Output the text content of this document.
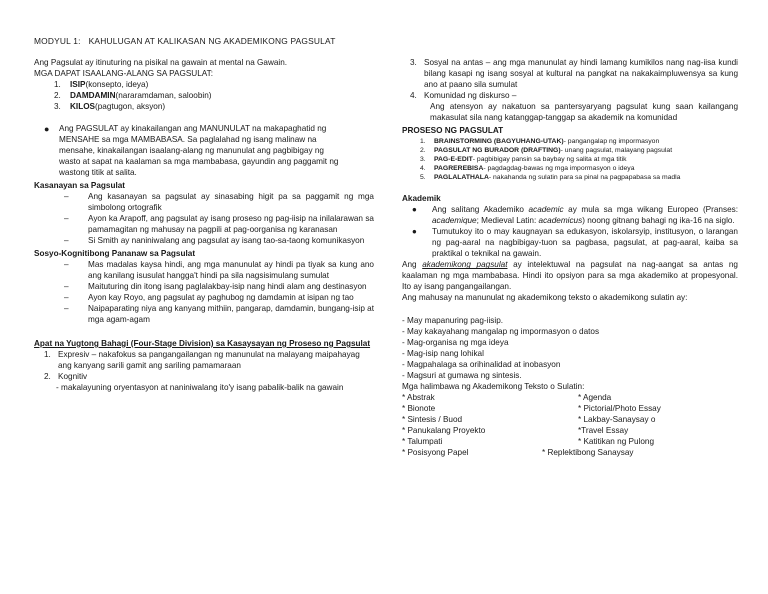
MODYUL 1: KAHULUGAN AT KALIKASAN NG AKADEMIKONG PAGSULAT

Ang Pagsulat ay itinuturing na pisikal na gawain at mental na Gawain.

MGA DAPAT ISAALANG-ALANG SA PAGSULAT:

1.	ISIP (konsepto, ideya)
2.	DAMDAMIN (nararamdaman, saloobin)
3.	KILOS (pagtugon, aksyon)
●	Ang PAGSULAT ay kinakailangan ang MANUNULAT na makapaghatid ng

MENSAHE sa mga MAMBABASA. Sa paglalahad ng isang malinaw na

mensahe, kinakailangan isaalang-alang ng manunulat ang pagbibigay ng

wasto at sapat na kaalaman sa mga mambabasa, gayundin ang paggamit ng

wastong titik at salita.

Kasanayan sa Pagsulat

–	Ang kasanayan sa pagsulat ay sinasabing higit pa sa paggamit ng mga simbolong ortografik
–	Ayon ka Arapoff, ang pagsulat ay isang proseso ng pag-iisip na inilalarawan sa pamamagitan ng mahusay na pagpili at pag-oorganisa ng karanasan
–	Si Smith ay naniniwalang ang pagsulat ay isang tao-sa-taong komunikasyon

Sosyo-Kognitibong Pananaw sa Pagsulat

–	Mas madalas kaysa hindi, ang mga manunulat ay hindi pa tiyak sa kung ano ang kanilang isusulat hangga't hindi pa sila nagsisimulang sumulat
–	Maituturing din itong isang paglalakbay-isip nang hindi alam ang destinasyon
–	Ayon kay Royo, ang pagsulat ay paghubog ng damdamin at isipan ng tao
–	Naipaparating niya ang kanyang mithiin, pangarap, damdamin, bungang-isip at mga agam-agam

Apat na Yugtong Bahagi (Four-Stage Division) sa Kasaysayan ng Proseso ng Pagsulat

1. Expresiv – nakafokus sa pangangailangan ng manunulat na malayang maipahayag ang kanyang sarili gamit ang sariling pamamaraan
2. Kognitiv

- makalayuning oryentasyon at naniniwalang ito'y isang pabalik-balik na gawain

3. Sosyal na antas – ang mga manunulat ay hindi lamang kumikilos nang nag-iisa kundi bilang kasapi ng isang sosyal at kultural na pangkat na nakakaimpluwensya sa kung ano at paano sila sumulat
4. Komunidad ng diskurso –

Ang atensyon ay nakatuon sa pantersyaryang pagsulat kung saan kailangang makasulat sila nang katanggap-tanggap sa akademik na komunidad

PROSESO NG PAGSULAT

1.	BRAINSTORMING (BAGYUHANG-UTAK)- pangangalap ng impormasyon
2.	PAGSULAT NG BURADOR (DRAFTING)- unang pagsulat, malayang pagsulat
3.	PAG-E-EDIT- pagbibigay pansin sa baybay ng salita at mga titik
4.	PAGREREBISA- pagdagdag-bawas ng mga impormasyon o ideya
5.	PAGLALATHALA- nakahanda ng sulatin para sa pinal na pagpapabasa sa madla

Akademik

●	Ang salitang Akademiko academic ay mula sa mga wikang Europeo (Pranses: academique; Medieval Latin: academicus) noong gitnang bahagi ng ika-16 na siglo.
●	Tumutukoy ito o may kaugnayan sa edukasyon, iskolarsyip, institusyon, o larangan ng pag-aaral na nagbibigay-tuon sa pagbasa, pagsulat, at pag-aaral, kaiba sa praktikal o teknikal na gawain.

Ang akademikong pagsulat ay intelektuwal na pagsulat na nag-aangat sa antas ng kaalaman ng mga mambabasa. Hindi ito opsiyon para sa mga akademiko at propesyonal. Ito ay isang pangangailangan.

Ang mahusay na manunulat ng akademikong teksto o akademikong sulatin ay:

- May mapanuring pag-iisip.

- May kakayahang mangalap ng impormasyon o datos

- Mag-organisa ng mga ideya

- Mag-isip nang lohikal

- Magpahalaga sa orihinalidad at inobasyon

- Magsuri at gumawa ng sintesis.

Mga halimbawa ng Akademikong Teksto o Sulatin:

* Abstrak	* Agenda
* Bionote	* Pictorial/Photo Essay
* Sintesis / Buod	* Lakbay-Sanaysay o
* Panukalang Proyekto	*Travel Essay
* Talumpati	* Katitikan ng Pulong
* Posisyong Papel	* Replektibong Sanaysay
